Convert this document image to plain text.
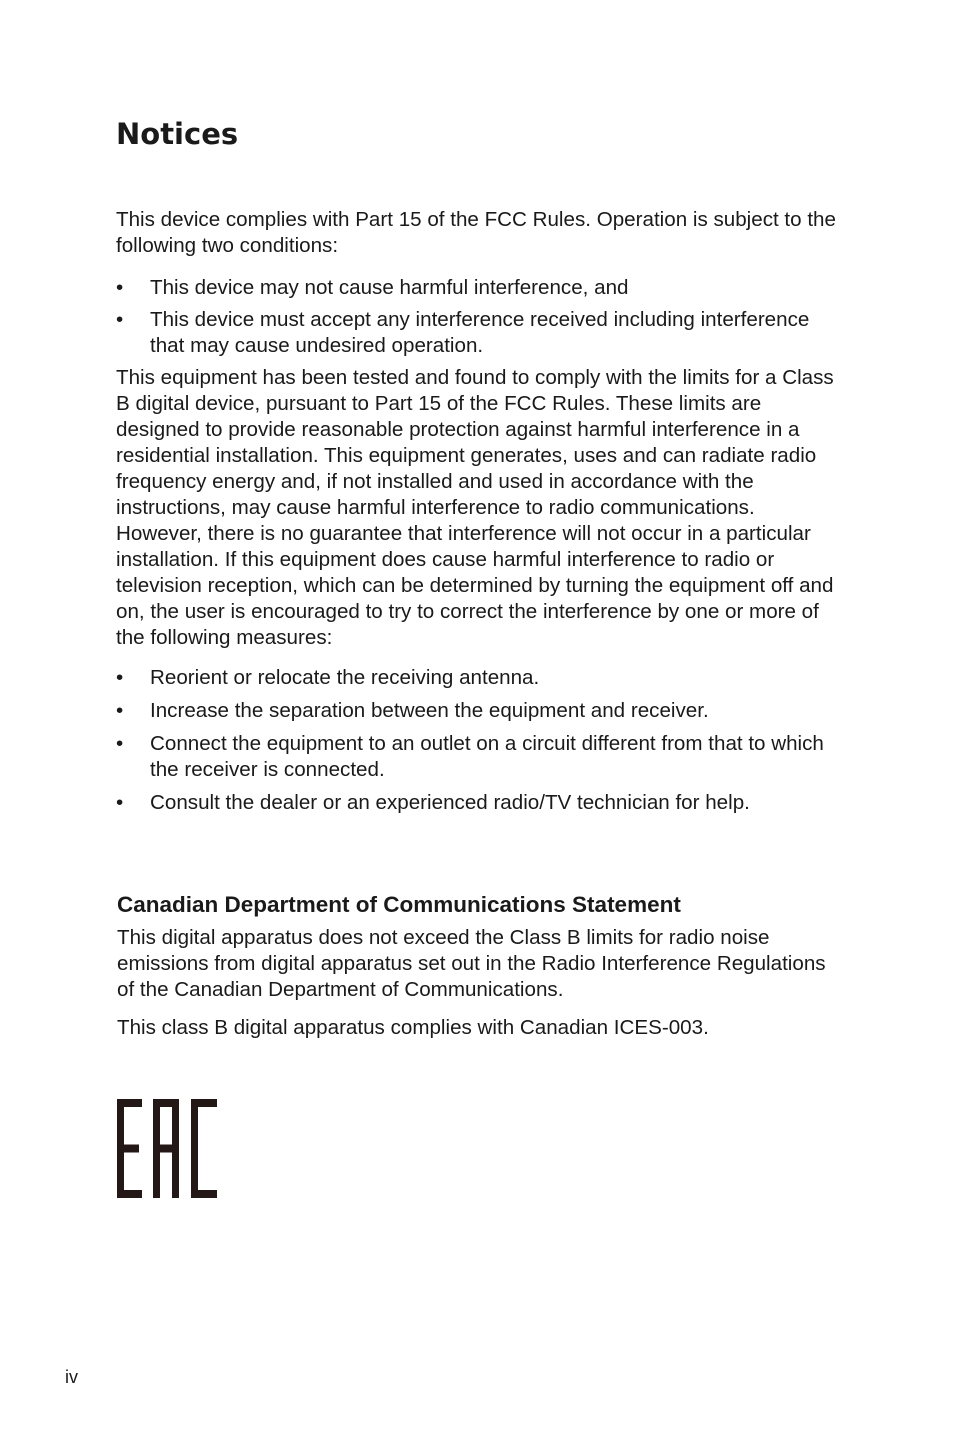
Notices

This device complies with Part 15 of the FCC Rules. Operation is subject to the following two conditions:

•	This device may not cause harmful interference, and
•	This device must accept any interference received including interference that may cause undesired operation.

This equipment has been tested and found to comply with the limits for a Class B digital device, pursuant to Part 15 of the FCC Rules. These limits are designed to provide reasonable protection against harmful interference in a residential installation. This equipment generates, uses and can radiate radio frequency energy and, if not installed and used in accordance with the instructions, may cause harmful interference to radio communications. However, there is no guarantee that interference will not occur in a particular installation. If this equipment does cause harmful interference to radio or television reception, which can be determined by turning the equipment off and on, the user is encouraged to try to correct the interference by one or more of the following measures:

•	Reorient or relocate the receiving antenna.
•	Increase the separation between the equipment and receiver.
•	Connect the equipment to an outlet on a circuit different from that to which the receiver is connected.
•	Consult the dealer or an experienced radio/TV technician for help.
Canadian Department of Communications Statement

This digital apparatus does not exceed the Class B limits for radio noise emissions from digital apparatus set out in the Radio Interference Regulations of the Canadian Department of Communications.

This class B digital apparatus complies with Canadian ICES-003.

iv
